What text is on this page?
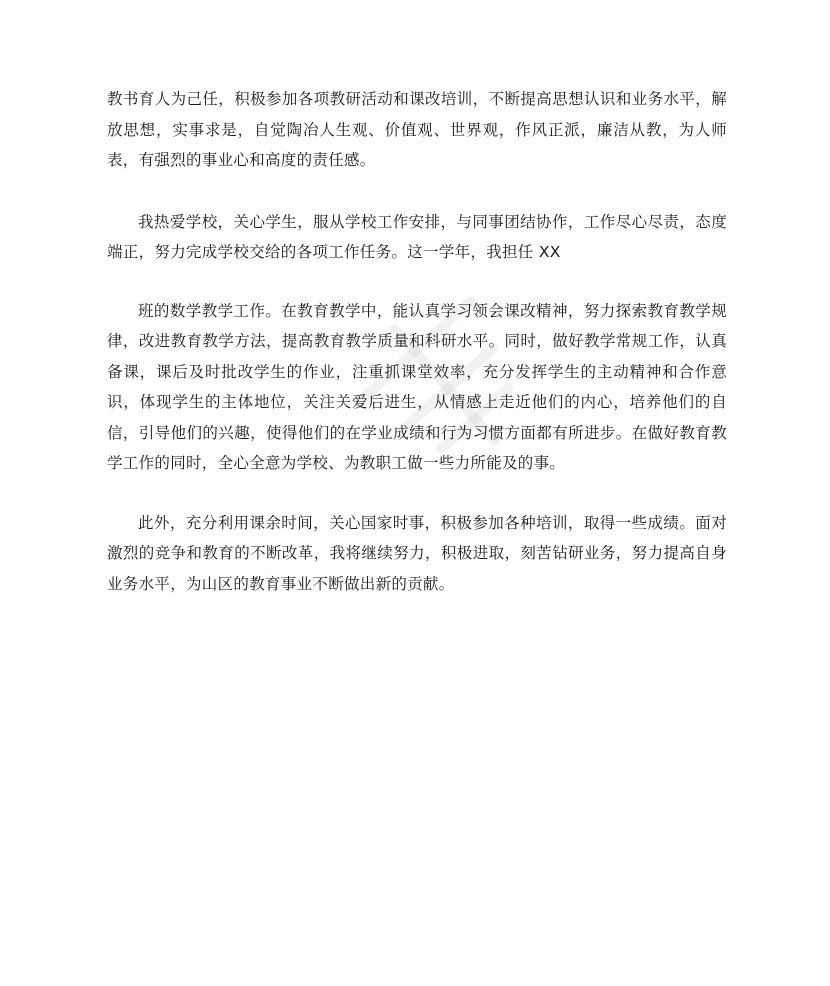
教书育人为己任，积极参加各项教研活动和课改培训，不断提高思想认识和业务水平，解放思想，实事求是，自觉陶冶人生观、价值观、世界观，作风正派，廉洁从教，为人师表，有强烈的事业心和高度的责任感。

我热爱学校，关心学生，服从学校工作安排，与同事团结协作，工作尽心尽责，态度端正，努力完成学校交给的各项工作任务。这一学年，我担任 XX

班的数学教学工作。在教育教学中，能认真学习领会课改精神，努力探索教育教学规律，改进教育教学方法，提高教育教学质量和科研水平。同时，做好教学常规工作，认真备课，课后及时批改学生的作业，注重抓课堂效率，充分发挥学生的主动精神和合作意识，体现学生的主体地位，关注关爱后进生，从情感上走近他们的内心，培养他们的自信，引导他们的兴趣，使得他们的在学业成绩和行为习惯方面都有所进步。在做好教育教学工作的同时，全心全意为学校、为教职工做一些力所能及的事。

此外，充分利用课余时间，关心国家时事，积极参加各种培训，取得一些成绩。面对激烈的竞争和教育的不断改革，我将继续努力，积极进取，刻苦钻研业务，努力提高自身业务水平，为山区的教育事业不断做出新的贡献。
